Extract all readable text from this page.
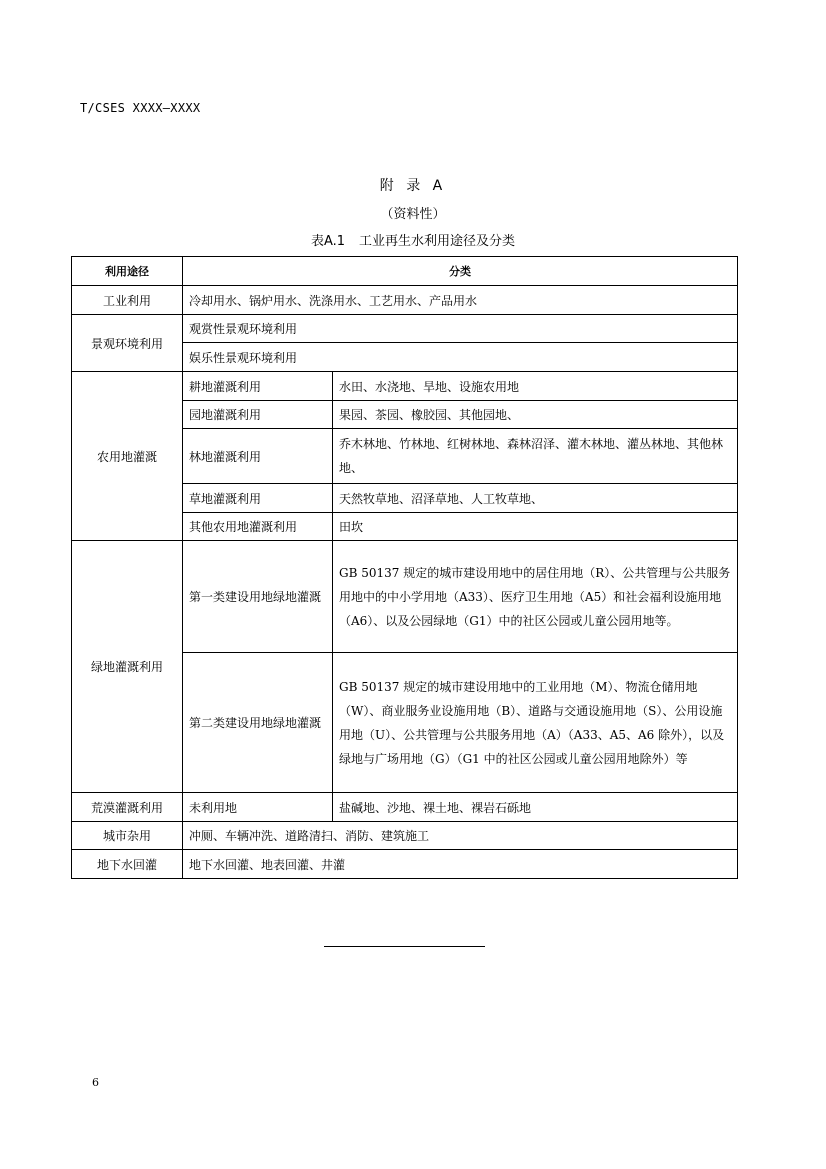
T/CSES XXXX—XXXX
附 录 A
（资料性）
表A.1 工业再生水利用途径及分类
利用途径	分类	
工业利用	冷却用水、锅炉用水、洗涤用水、工艺用水、产品用水	
景观环境利用	观赏性景观环境利用	
	娱乐性景观环境利用	
农用地灌溉	耕地灌溉利用	水田、水浇地、旱地、设施农用地
	园地灌溉利用	果园、茶园、橡胶园、其他园地、
	林地灌溉利用	乔木林地、竹林地、红树林地、森林沼泽、灌木林地、灌丛林地、其他林地、
	草地灌溉利用	天然牧草地、沼泽草地、人工牧草地、
	其他农用地灌溉利用	田坎
绿地灌溉利用	第一类建设用地绿地灌溉	GB 50137 规定的城市建设用地中的居住用地（R）、公共管理与公共服务用地中的中小学用地（A33）、医疗卫生用地（A5）和社会福利设施用地（A6）、以及公园绿地（G1）中的社区公园或儿童公园用地等。
	第二类建设用地绿地灌溉	GB 50137 规定的城市建设用地中的工业用地（M）、物流仓储用地（W）、商业服务业设施用地（B）、道路与交通设施用地（S）、公用设施用地（U）、公共管理与公共服务用地（A）（A33、A5、A6 除外），以及绿地与广场用地（G）（G1 中的社区公园或儿童公园用地除外）等
荒漠灌溉利用	未利用地	盐碱地、沙地、裸土地、裸岩石砾地
城市杂用	冲厕、车辆冲洗、道路清扫、消防、建筑施工	
地下水回灌	地下水回灌、地表回灌、井灌	
6
